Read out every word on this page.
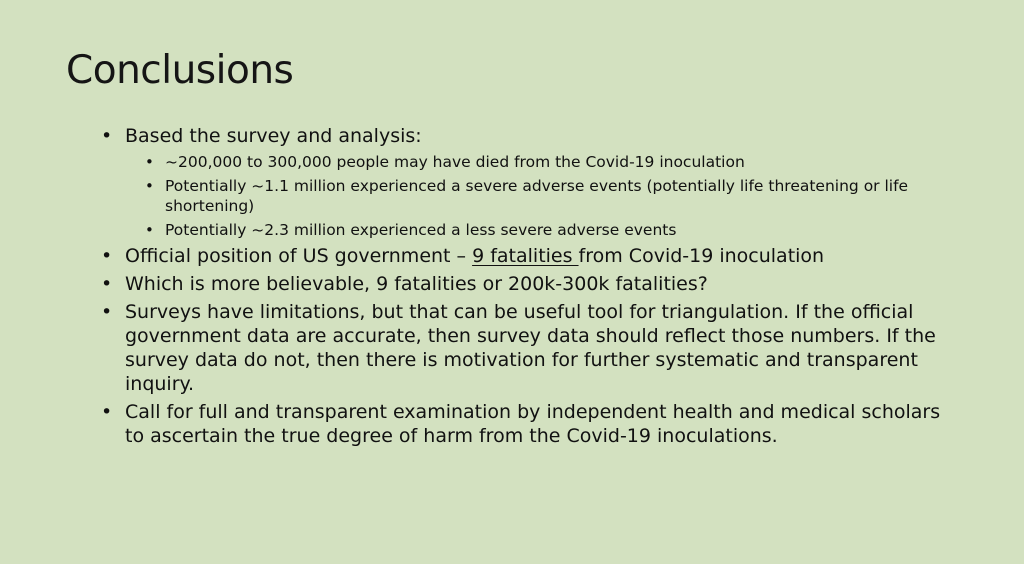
Conclusions
• Based the survey and analysis:
• ~200,000 to 300,000 people may have died from the Covid-19 inoculation
• Potentially ~1.1 million experienced a severe adverse events (potentially life threatening or life shortening)
• Potentially ~2.3 million experienced a less severe adverse events
• Official position of US government – 9 fatalities from Covid-19 inoculation
• Which is more believable, 9 fatalities or 200k-300k fatalities?
• Surveys have limitations, but that can be useful tool for triangulation. If the official government data are accurate, then survey data should reflect those numbers. If the survey data do not, then there is motivation for further systematic and transparent inquiry.
• Call for full and transparent examination by independent health and medical scholars to ascertain the true degree of harm from the Covid-19 inoculations.
